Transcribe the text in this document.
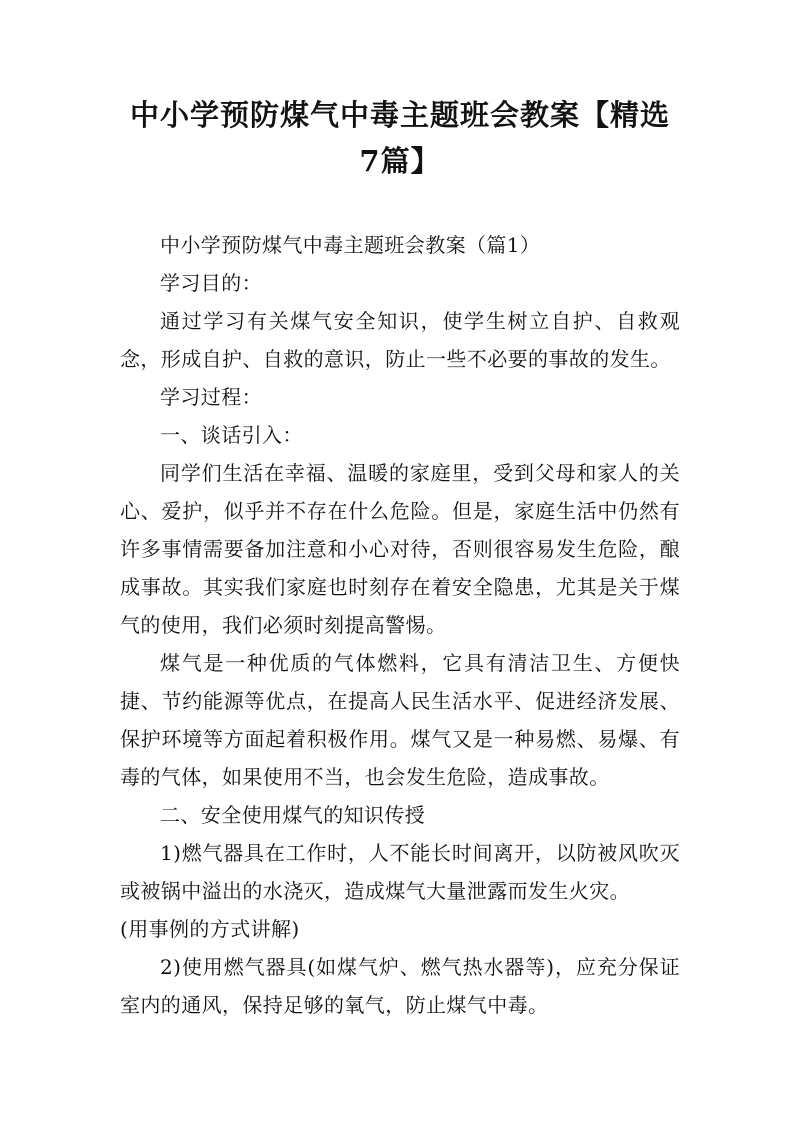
中小学预防煤气中毒主题班会教案【精选7篇】

中小学预防煤气中毒主题班会教案（篇1）

学习目的：

通过学习有关煤气安全知识，使学生树立自护、自救观念，形成自护、自救的意识，防止一些不必要的事故的发生。

学习过程：

一、谈话引入：

同学们生活在幸福、温暖的家庭里，受到父母和家人的关心、爱护，似乎并不存在什么危险。但是，家庭生活中仍然有许多事情需要备加注意和小心对待，否则很容易发生危险，酿成事故。其实我们家庭也时刻存在着安全隐患，尤其是关于煤气的使用，我们必须时刻提高警惕。

煤气是一种优质的气体燃料，它具有清洁卫生、方便快捷、节约能源等优点，在提高人民生活水平、促进经济发展、保护环境等方面起着积极作用。煤气又是一种易燃、易爆、有毒的气体，如果使用不当，也会发生危险，造成事故。

二、安全使用煤气的知识传授

1)燃气器具在工作时，人不能长时间离开，以防被风吹灭或被锅中溢出的水浇灭，造成煤气大量泄露而发生火灾。

(用事例的方式讲解)

2)使用燃气器具(如煤气炉、燃气热水器等)，应充分保证室内的通风，保持足够的氧气，防止煤气中毒。
